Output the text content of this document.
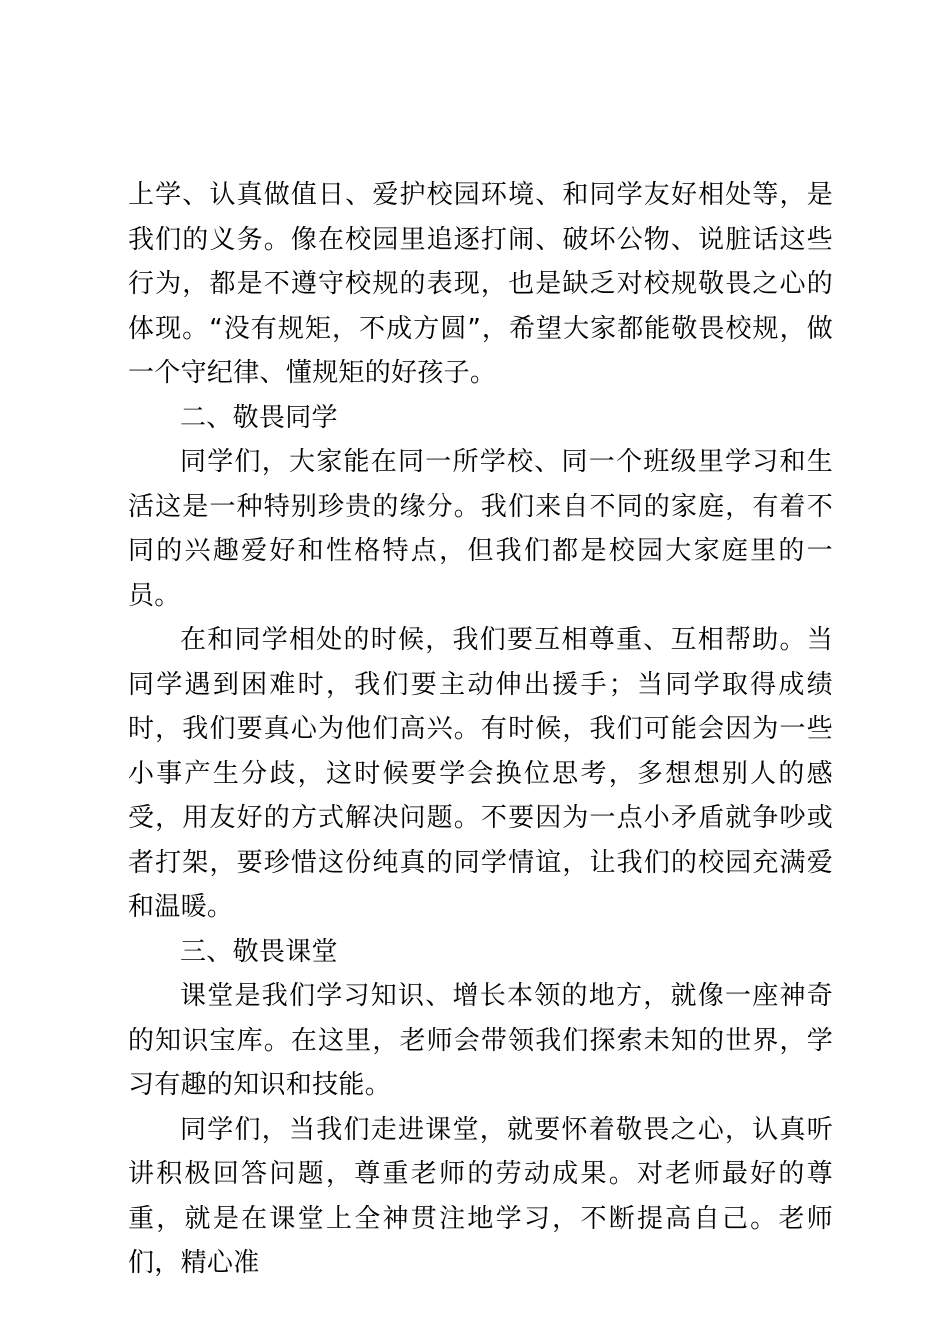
上学、认真做值日、爱护校园环境、和同学友好相处等，是我们的义务。像在校园里追逐打闹、破坏公物、说脏话这些行为，都是不遵守校规的表现，也是缺乏对校规敬畏之心的体现。“没有规矩，不成方圆”，希望大家都能敬畏校规，做一个守纪律、懂规矩的好孩子。

二、敬畏同学

同学们，大家能在同一所学校、同一个班级里学习和生活这是一种特别珍贵的缘分。我们来自不同的家庭，有着不同的兴趣爱好和性格特点，但我们都是校园大家庭里的一员。

在和同学相处的时候，我们要互相尊重、互相帮助。当同学遇到困难时，我们要主动伸出援手；当同学取得成绩时，我们要真心为他们高兴。有时候，我们可能会因为一些小事产生分歧，这时候要学会换位思考，多想想别人的感受，用友好的方式解决问题。不要因为一点小矛盾就争吵或者打架，要珍惜这份纯真的同学情谊，让我们的校园充满爱和温暖。

三、敬畏课堂

课堂是我们学习知识、增长本领的地方，就像一座神奇的知识宝库。在这里，老师会带领我们探索未知的世界，学习有趣的知识和技能。

同学们，当我们走进课堂，就要怀着敬畏之心，认真听讲积极回答问题，尊重老师的劳动成果。对老师最好的尊重，就是在课堂上全神贯注地学习，不断提高自己。老师们，精心准
